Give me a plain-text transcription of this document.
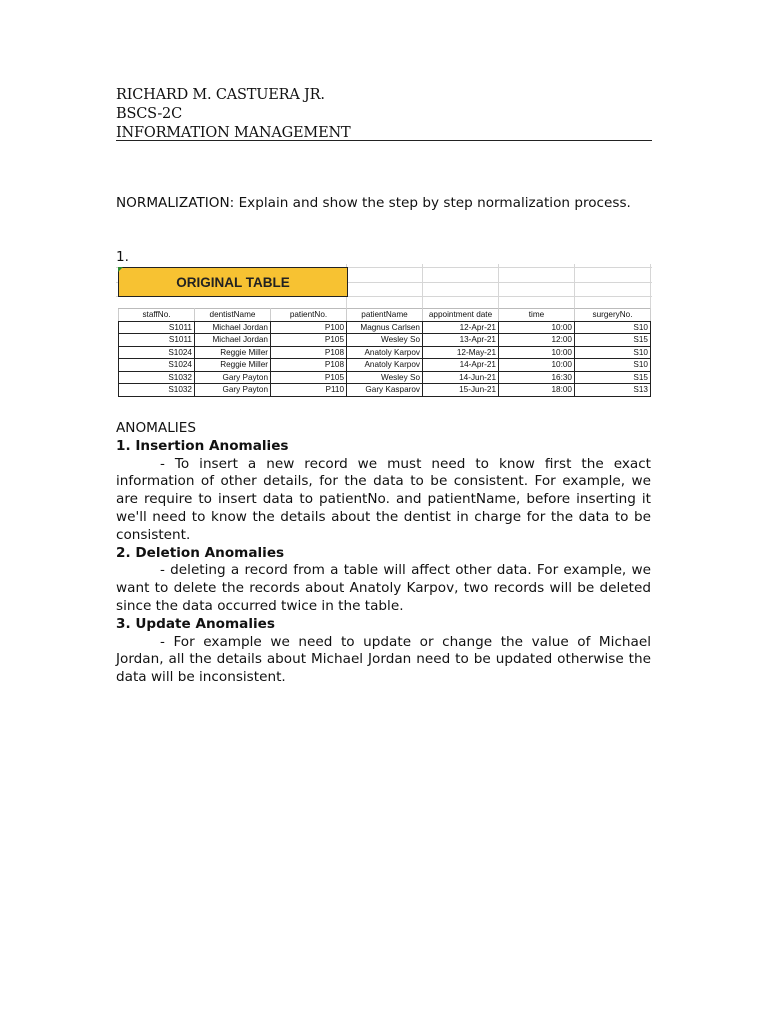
RICHARD M. CASTUERA JR.
BSCS-2C
INFORMATION MANAGEMENT
NORMALIZATION: Explain and show the step by step normalization process.
1.
ORIGINAL TABLE
staffNo.	dentistName	patientNo.	patientName	appointment date	time	surgeryNo.
S1011	Michael Jordan	P100	Magnus Carlsen	12-Apr-21	10:00	S10
S1011	Michael Jordan	P105	Wesley So	13-Apr-21	12:00	S15
S1024	Reggie Miller	P108	Anatoly Karpov	12-May-21	10:00	S10
S1024	Reggie Miller	P108	Anatoly Karpov	14-Apr-21	10:00	S10
S1032	Gary Payton	P105	Wesley So	14-Jun-21	16:30	S15
S1032	Gary Payton	P110	Gary Kasparov	15-Jun-21	18:00	S13
ANOMALIES
1. Insertion Anomalies

- To insert a new record we must need to know first the exact information of other details, for the data to be consistent. For example, we are require to insert data to patientNo. and patientName, before inserting it we'll need to know the details about the dentist in charge for the data to be consistent.

2. Deletion Anomalies

- deleting a record from a table will affect other data. For example, we want to delete the records about Anatoly Karpov, two records will be deleted since the data occurred twice in the table.

3. Update Anomalies

- For example we need to update or change the value of Michael Jordan, all the details about Michael Jordan need to be updated otherwise the data will be inconsistent.
